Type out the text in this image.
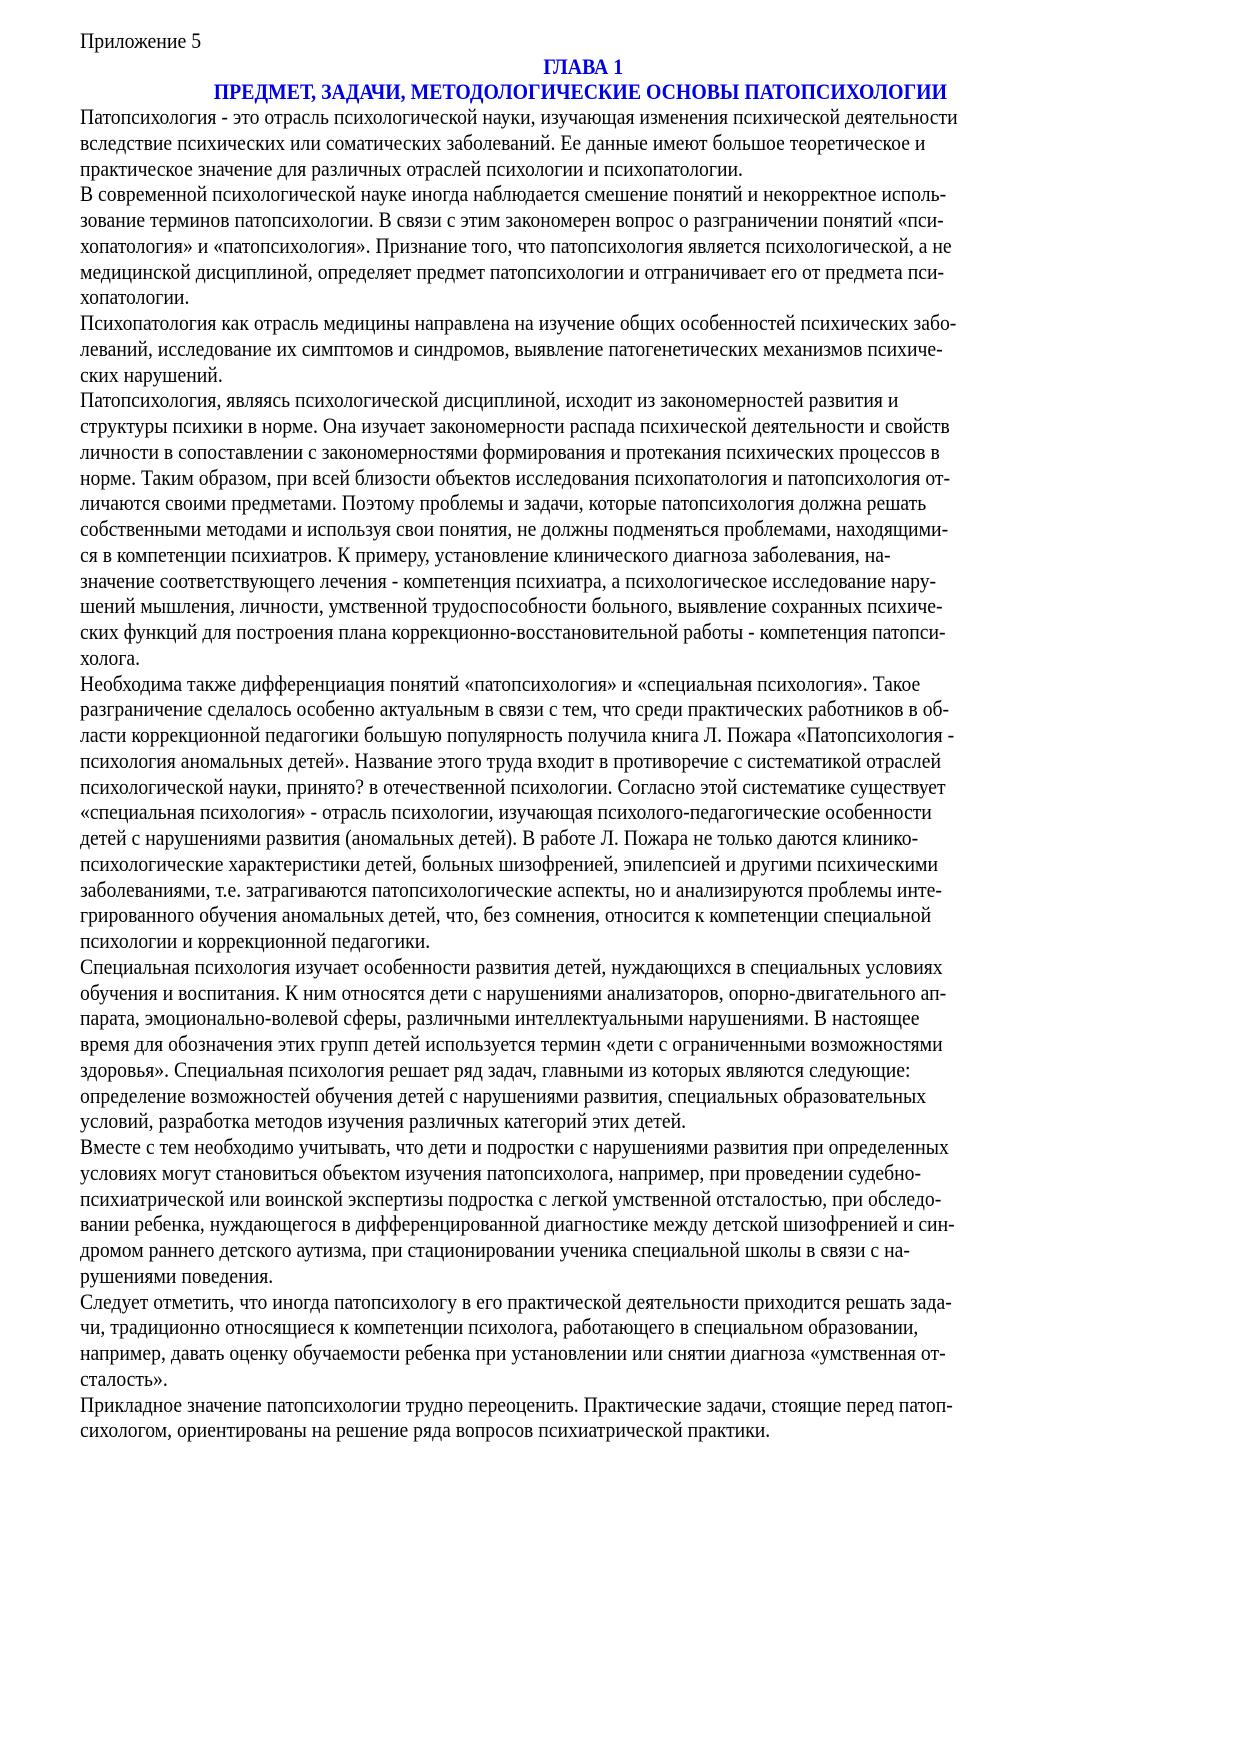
Приложение 5
ГЛАВА 1
ПРЕДМЕТ, ЗАДАЧИ, МЕТОДОЛОГИЧЕСКИЕ ОСНОВЫ ПАТОПСИХОЛОГИИ
Патопсихология - это отрасль психологической науки, изучающая изменения психической деятельности
вследствие психических или соматических заболеваний. Ее данные имеют большое теоретическое и
практическое значение для различных отраслей психологии и психопатологии.
В современной психологической науке иногда наблюдается смешение понятий и некорректное исполь-
зование терминов патопсихологии. В связи с этим закономерен вопрос о разграничении понятий «пси-
хопатология» и «патопсихология». Признание того, что патопсихология является психологической, а не
медицинской дисциплиной, определяет предмет патопсихологии и отграничивает его от предмета пси-
хопатологии.
Психопатология как отрасль медицины направлена на изучение общих особенностей психических забо-
леваний, исследование их симптомов и синдромов, выявление патогенетических механизмов психиче-
ских нарушений.
Патопсихология, являясь психологической дисциплиной, исходит из закономерностей развития и
структуры психики в норме. Она изучает закономерности распада психической деятельности и свойств
личности в сопоставлении с закономерностями формирования и протекания психических процессов в
норме. Таким образом, при всей близости объектов исследования психопатология и патопсихология от-
личаются своими предметами. Поэтому проблемы и задачи, которые патопсихология должна решать
собственными методами и используя свои понятия, не должны подменяться проблемами, находящими-
ся в компетенции психиатров. К примеру, установление клинического диагноза заболевания, на-
значение соответствующего лечения - компетенция психиатра, а психологическое исследование нару-
шений мышления, личности, умственной трудоспособности больного, выявление сохранных психиче-
ских функций для построения плана коррекционно-восстановительной работы - компетенция патопси-
холога.
Необходима также дифференциация понятий «патопсихология» и «специальная психология». Такое
разграничение сделалось особенно актуальным в связи с тем, что среди практических работников в об-
ласти коррекционной педагогики большую популярность получила книга Л. Пожара «Патопсихология -
психология аномальных детей». Название этого труда входит в противоречие с систематикой отраслей
психологической науки, принято? в отечественной психологии. Согласно этой систематике существует
«специальная психология» - отрасль психологии, изучающая психолого-педагогические особенности
детей с нарушениями развития (аномальных детей). В работе Л. Пожара не только даются клинико-
психологические характеристики детей, больных шизофренией, эпилепсией и другими психическими
заболеваниями, т.е. затрагиваются патопсихологические аспекты, но и анализируются проблемы инте-
грированного обучения аномальных детей, что, без сомнения, относится к компетенции специальной
психологии и коррекционной педагогики.
Специальная психология изучает особенности развития детей, нуждающихся в специальных условиях
обучения и воспитания. К ним относятся дети с нарушениями анализаторов, опорно-двигательного ап-
парата, эмоционально-волевой сферы, различными интеллектуальными нарушениями. В настоящее
время для обозначения этих групп детей используется термин «дети с ограниченными возможностями
здоровья». Специальная психология решает ряд задач, главными из которых являются следующие:
определение возможностей обучения детей с нарушениями развития, специальных образовательных
условий, разработка методов изучения различных категорий этих детей.
Вместе с тем необходимо учитывать, что дети и подростки с нарушениями развития при определенных
условиях могут становиться объектом изучения патопсихолога, например, при проведении судебно-
психиатрической или воинской экспертизы подростка с легкой умственной отсталостью, при обследо-
вании ребенка, нуждающегося в дифференцированной диагностике между детской шизофренией и син-
дромом раннего детского аутизма, при стационировании ученика специальной школы в связи с на-
рушениями поведения.
Следует отметить, что иногда патопсихологу в его практической деятельности приходится решать зада-
чи, традиционно относящиеся к компетенции психолога, работающего в специальном образовании,
например, давать оценку обучаемости ребенка при установлении или снятии диагноза «умственная от-
сталость».
Прикладное значение патопсихологии трудно переоценить. Практические задачи, стоящие перед патоп-
сихологом, ориентированы на решение ряда вопросов психиатрической практики.
